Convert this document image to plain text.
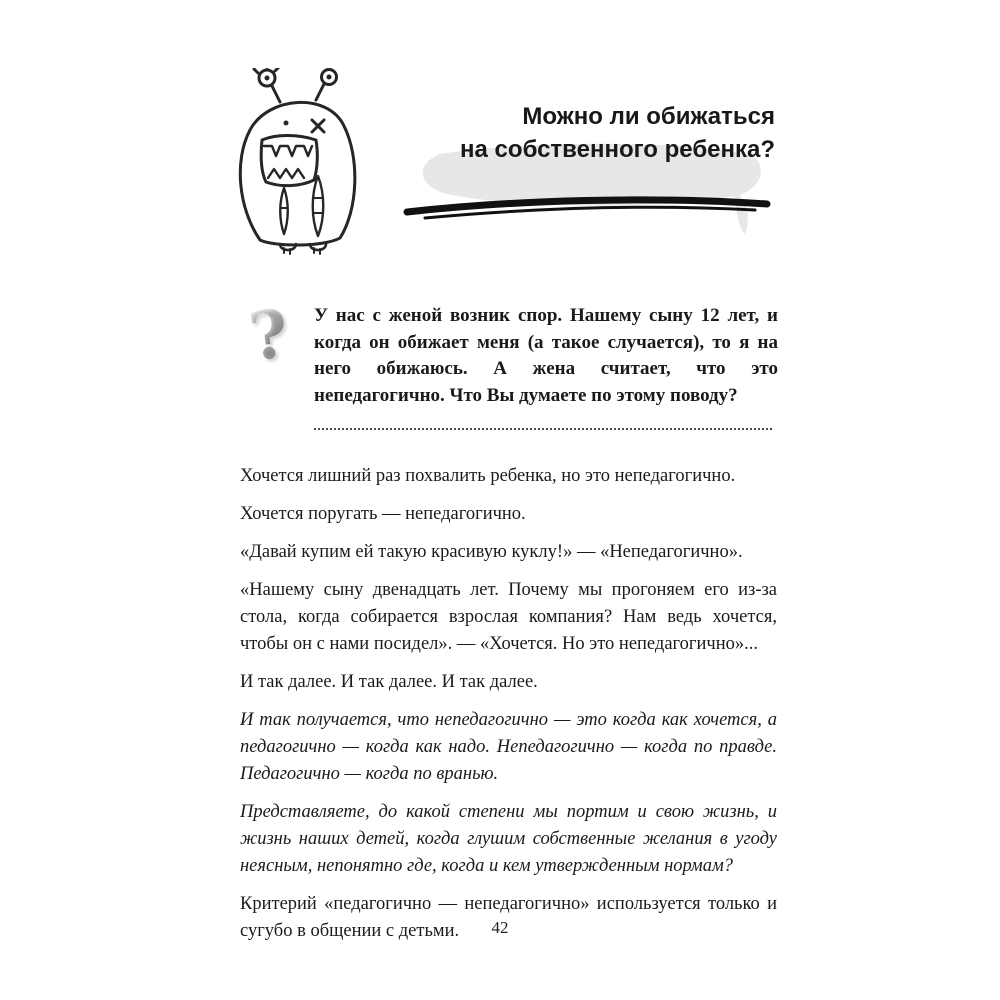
Можно ли обижаться
на собственного ребенка?
?	У нас с женой возник спор. Нашему сыну 12 лет, и когда он обижает меня (а такое случается), то я на него обижаюсь. А жена считает, что это непедагогично. Что Вы думаете по этому поводу?

Хочется лишний раз похвалить ребенка, но это непедагогично.

Хочется поругать — непедагогично.

«Давай купим ей такую красивую куклу!» — «Непедагогично».

«Нашему сыну двенадцать лет. Почему мы прогоняем его из-за стола, когда собирается взрослая компания? Нам ведь хочется, чтобы он с нами посидел». — «Хочется. Но это непедагогично»...

И так далее. И так далее. И так далее.

И так получается, что непедагогично — это когда как хочется, а педагогично — когда как надо. Непедагогично — когда по правде. Педагогично — когда по вранью.

Представляете, до какой степени мы портим и свою жизнь, и жизнь наших детей, когда глушим собственные желания в угоду неясным, непонятно где, когда и кем утвержденным нормам?

Критерий «педагогично — непедагогично» используется только и сугубо в общении с детьми.	42
